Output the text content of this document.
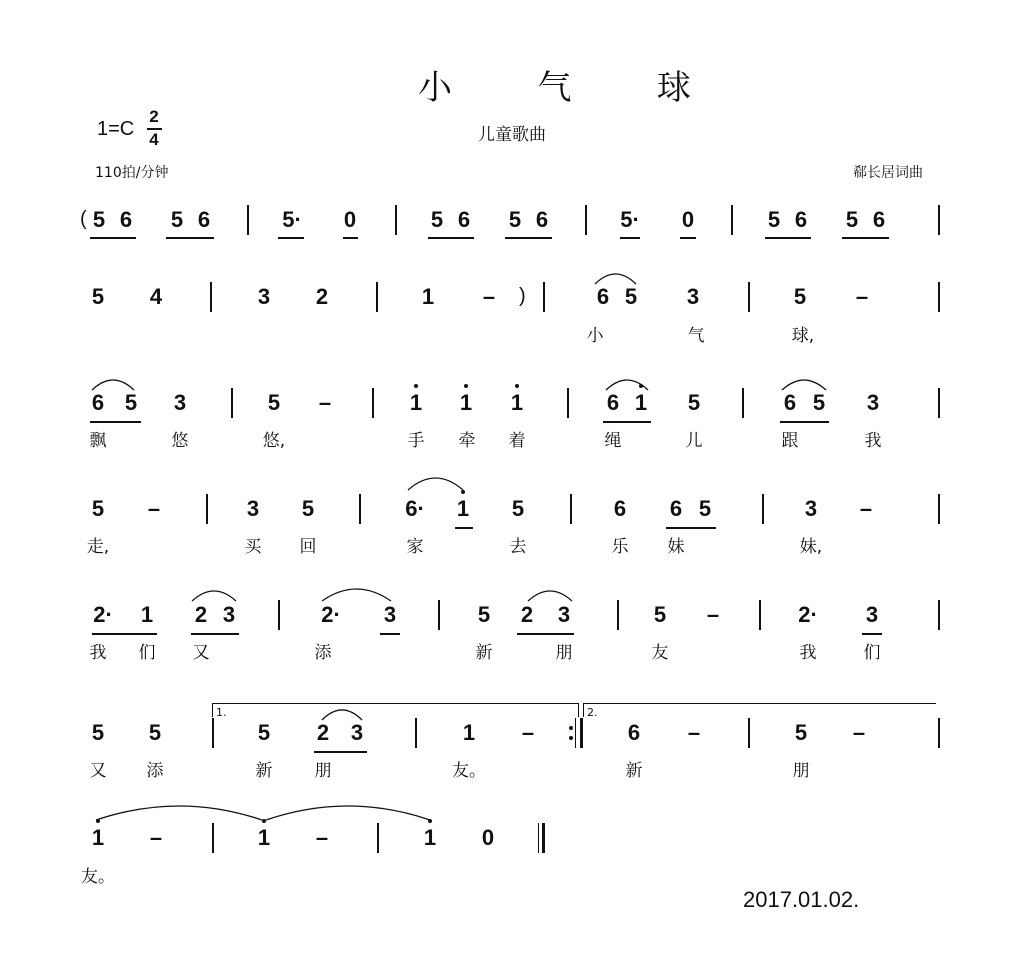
小 气 球
1=C
2
4	儿童歌曲
110拍/分钟	郗长居词曲
5 6 5 6	5· 0	5 6 5 6	5· 0	5 6 5 6
5 4	3 2	1 –	6 5 3	5 –
小	气	球,
6 5 3	5 –	1 1 1	6 1 5	6 5 3
飘	悠	悠,	手 牵 着	绳	儿	跟	我
5 –	3 5	6· 1 5	6 6 5	3 –
走,	买 回	家	去	乐 妹	妹,
2· 1 2 3	2· 3	5 2 3	5 –	2· 3
我 们 又	添	新	朋	友	我	们
5 5	5 2 3	1 –	6 –	5 –
又 添	新 朋	友。	新	朋
1 –	1 –	1 0
友。
(
)
1.	2.
2017.01.02.
